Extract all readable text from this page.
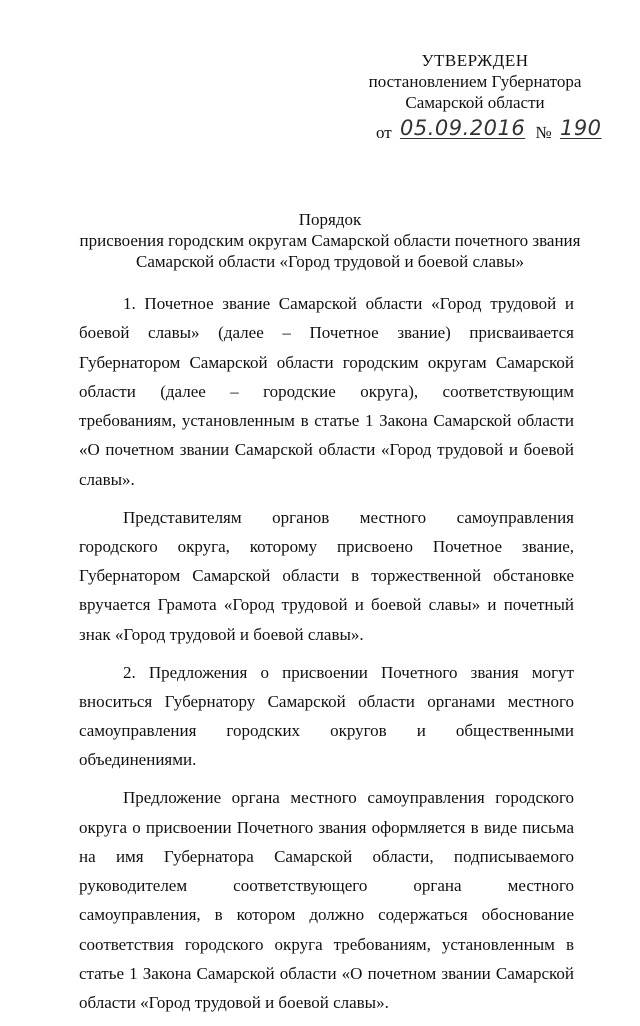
УТВЕРЖДЕН
постановлением Губернатора
Самарской области
от 05.09.2016 № 190
Порядок
присвоения городским округам Самарской области почетного звания
Самарской области «Город трудовой и боевой славы»

1. Почетное звание Самарской области «Город трудовой и боевой славы» (далее – Почетное звание) присваивается Губернатором Самарской области городским округам Самарской области (далее – городские округа), соответствующим требованиям, установленным в статье 1 Закона Самарской области «О почетном звании Самарской области «Город трудовой и боевой славы».

Представителям органов местного самоуправления городского округа, которому присвоено Почетное звание, Губернатором Самарской области в торжественной обстановке вручается Грамота «Город трудовой и боевой славы» и почетный знак «Город трудовой и боевой славы».

2. Предложения о присвоении Почетного звания могут вноситься Губернатору Самарской области органами местного самоуправления городских округов и общественными объединениями.

Предложение органа местного самоуправления городского округа о присвоении Почетного звания оформляется в виде письма на имя Губернатора Самарской области, подписываемого руководителем соответствующего органа местного самоуправления, в котором должно содержаться обоснование соответствия городского округа требованиям, установленным в статье 1 Закона Самарской области «О почетном звании Самарской области «Город трудовой и боевой славы».
